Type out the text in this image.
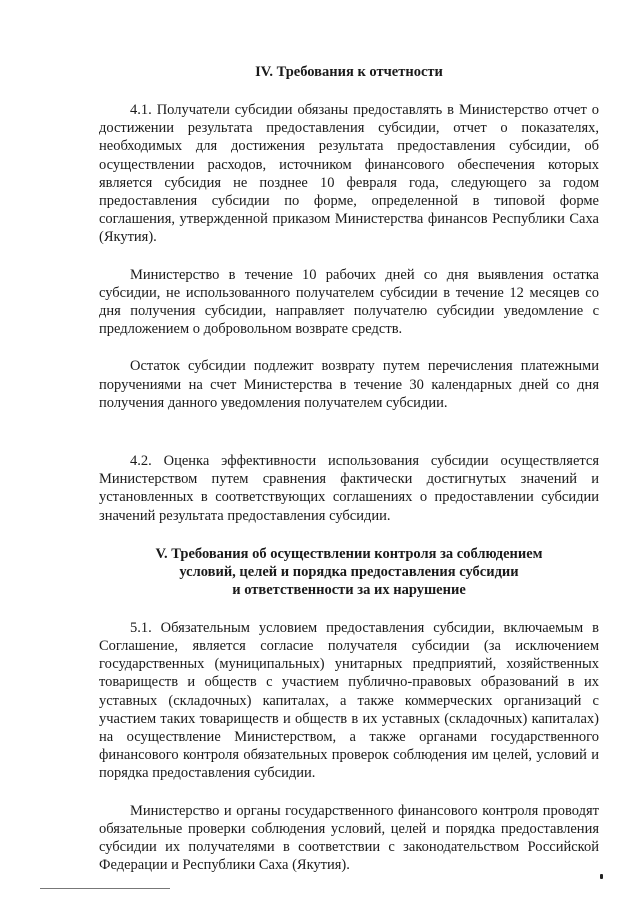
IV. Требования к отчетности

4.1. Получатели субсидии обязаны предоставлять в Министерство отчет о достижении результата предоставления субсидии, отчет о показателях, необходимых для достижения результата предоставления субсидии, об осуществлении расходов, источником финансового обеспечения которых является субсидия не позднее 10 февраля года, следующего за годом предоставления субсидии по форме, определенной в типовой форме соглашения, утвержденной приказом Министерства финансов Республики Саха (Якутия).

Министерство в течение 10 рабочих дней со дня выявления остатка субсидии, не использованного получателем субсидии в течение 12 месяцев со дня получения субсидии, направляет получателю субсидии уведомление с предложением о добровольном возврате средств.

Остаток субсидии подлежит возврату путем перечисления платежными поручениями на счет Министерства в течение 30 календарных дней со дня получения данного уведомления получателем субсидии.

4.2. Оценка эффективности использования субсидии осуществляется Министерством путем сравнения фактически достигнутых значений и установленных в соответствующих соглашениях о предоставлении субсидии значений результата предоставления субсидии.

V. Требования об осуществлении контроля за соблюдением
условий, целей и порядка предоставления субсидии
и ответственности за их нарушение

5.1. Обязательным условием предоставления субсидии, включаемым в Соглашение, является согласие получателя субсидии (за исключением государственных (муниципальных) унитарных предприятий, хозяйственных товариществ и обществ с участием публично-правовых образований в их уставных (складочных) капиталах, а также коммерческих организаций с участием таких товариществ и обществ в их уставных (складочных) капиталах) на осуществление Министерством, а также органами государственного финансового контроля обязательных проверок соблюдения им целей, условий и порядка предоставления субсидии.

Министерство и органы государственного финансового контроля проводят обязательные проверки соблюдения условий, целей и порядка предоставления субсидии их получателями в соответствии с законодательством Российской Федерации и Республики Саха (Якутия).
